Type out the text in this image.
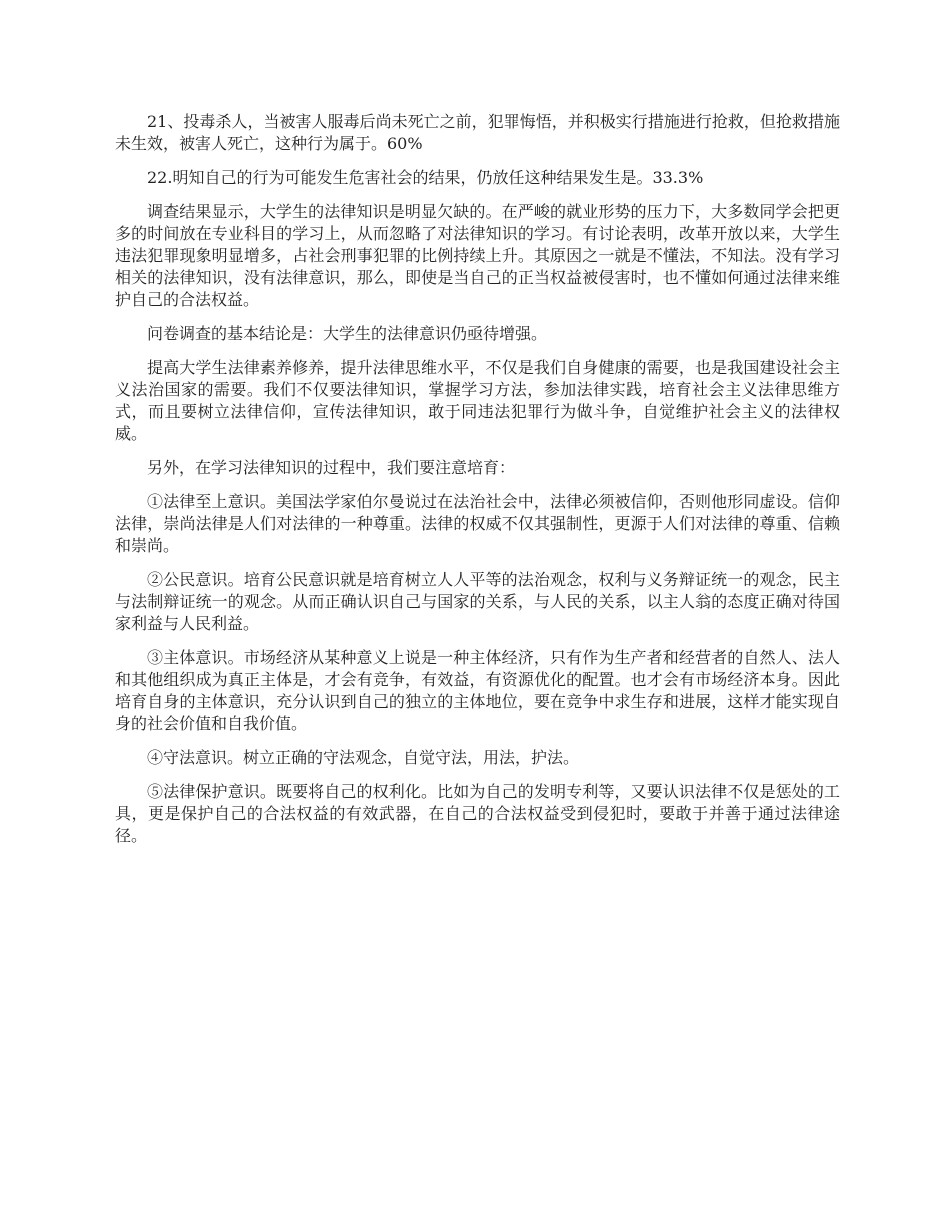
21、投毒杀人，当被害人服毒后尚未死亡之前，犯罪悔悟，并积极实行措施进行抢救，但抢救措施未生效，被害人死亡，这种行为属于。60%

22.明知自己的行为可能发生危害社会的结果，仍放任这种结果发生是。33.3%

调查结果显示，大学生的法律知识是明显欠缺的。在严峻的就业形势的压力下，大多数同学会把更多的时间放在专业科目的学习上，从而忽略了对法律知识的学习。有讨论表明，改革开放以来，大学生违法犯罪现象明显增多，占社会刑事犯罪的比例持续上升。其原因之一就是不懂法，不知法。没有学习相关的法律知识，没有法律意识，那么，即使是当自己的正当权益被侵害时，也不懂如何通过法律来维护自己的合法权益。

问卷调查的基本结论是：大学生的法律意识仍亟待增强。

提高大学生法律素养修养，提升法律思维水平，不仅是我们自身健康的需要，也是我国建设社会主义法治国家的需要。我们不仅要法律知识，掌握学习方法，参加法律实践，培育社会主义法律思维方式，而且要树立法律信仰，宣传法律知识，敢于同违法犯罪行为做斗争，自觉维护社会主义的法律权威。

另外，在学习法律知识的过程中，我们要注意培育：

①法律至上意识。美国法学家伯尔曼说过在法治社会中，法律必须被信仰，否则他形同虚设。信仰法律，崇尚法律是人们对法律的一种尊重。法律的权威不仅其强制性，更源于人们对法律的尊重、信赖和崇尚。

②公民意识。培育公民意识就是培育树立人人平等的法治观念，权利与义务辩证统一的观念，民主与法制辩证统一的观念。从而正确认识自己与国家的关系，与人民的关系，以主人翁的态度正确对待国家利益与人民利益。

③主体意识。市场经济从某种意义上说是一种主体经济，只有作为生产者和经营者的自然人、法人和其他组织成为真正主体是，才会有竞争，有效益，有资源优化的配置。也才会有市场经济本身。因此培育自身的主体意识，充分认识到自己的独立的主体地位，要在竞争中求生存和进展，这样才能实现自身的社会价值和自我价值。

④守法意识。树立正确的守法观念，自觉守法，用法，护法。

⑤法律保护意识。既要将自己的权利化。比如为自己的发明专利等，又要认识法律不仅是惩处的工具，更是保护自己的合法权益的有效武器，在自己的合法权益受到侵犯时，要敢于并善于通过法律途径。
